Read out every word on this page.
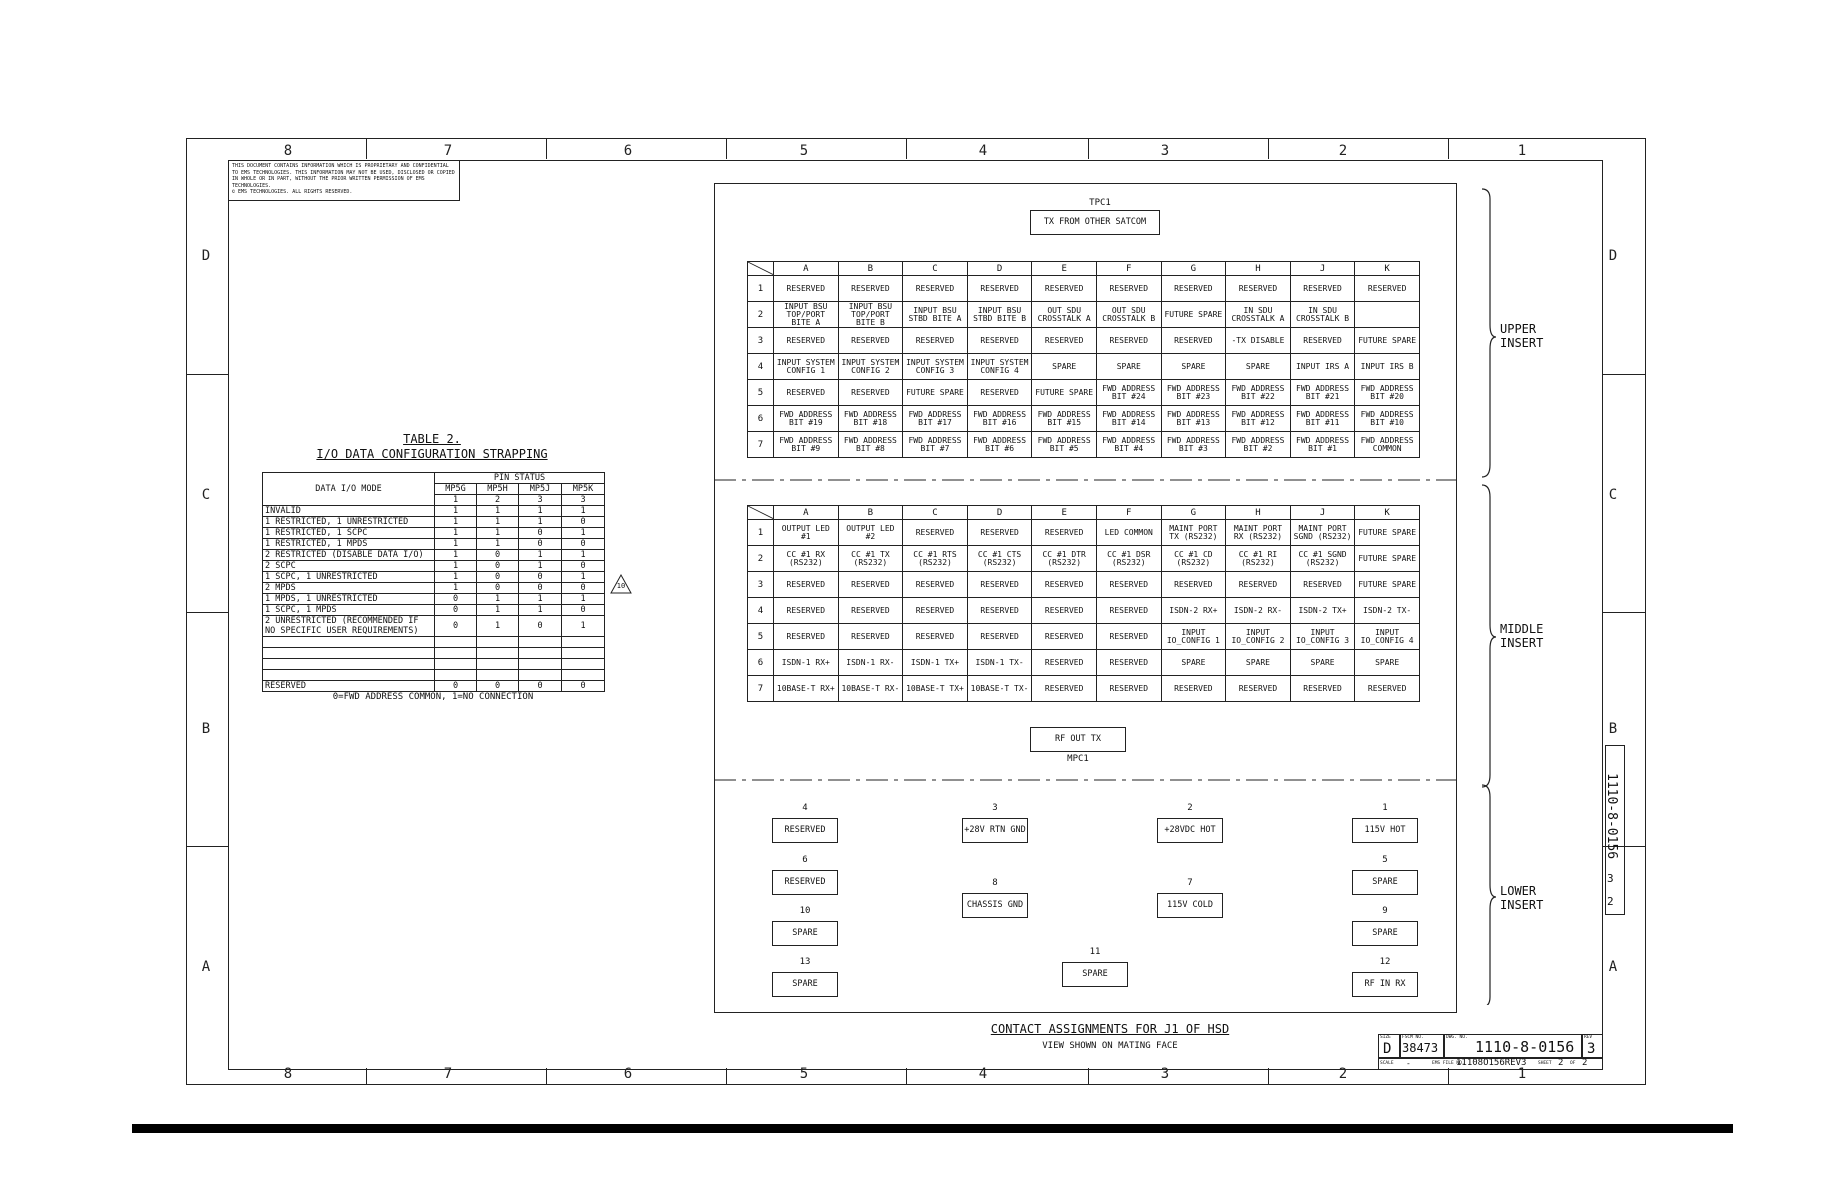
8	7	6	5	4	3	2	1
8	7	6	5	4	3	2	1
D
C
B
A
D
C
B
A
THIS DOCUMENT CONTAINS INFORMATION WHICH IS PROPRIETARY AND CONFIDENTIAL TO EMS TECHNOLOGIES. THIS INFORMATION MAY NOT BE USED, DISCLOSED OR COPIED IN WHOLE OR IN PART, WITHOUT THE PRIOR WRITTEN PERMISSION OF EMS TECHNOLOGIES.
© EMS TECHNOLOGIES. ALL RIGHTS RESERVED.
TABLE 2.
I/O DATA CONFIGURATION STRAPPING
DATA I/O MODE	PIN STATUS			
	MP5G	MP5H	MP5J	MP5K
	1	2	3	3
INVALID	1	1	1	1
1 RESTRICTED, 1 UNRESTRICTED	1	1	1	0
1 RESTRICTED, 1 SCPC	1	1	0	1
1 RESTRICTED, 1 MPDS	1	1	0	0
2 RESTRICTED (DISABLE DATA I/O)	1	0	1	1
2 SCPC	1	0	1	0
1 SCPC, 1 UNRESTRICTED	1	0	0	1
2 MPDS	1	0	0	0
1 MPDS, 1 UNRESTRICTED	0	1	1	1
1 SCPC, 1 MPDS	0	1	1	0
2 UNRESTRICTED (RECOMMENDED IF NO SPECIFIC USER REQUIREMENTS)	0	1	0	1

RESERVED	0	0	0	0
0=FWD ADDRESS COMMON, 1=NO CONNECTION
10
TPC1
TX FROM OTHER SATCOM
	A	B	C	D	E	F	G	H	J	K
1	RESERVED	RESERVED	RESERVED	RESERVED	RESERVED	RESERVED	RESERVED	RESERVED	RESERVED	RESERVED
2	INPUT BSU TOP/PORT BITE A	INPUT BSU TOP/PORT BITE B	INPUT BSU STBD BITE A	INPUT BSU STBD BITE B	OUT SDU CROSSTALK A	OUT SDU CROSSTALK B	FUTURE SPARE	IN SDU CROSSTALK A	IN SDU CROSSTALK B	
3	RESERVED	RESERVED	RESERVED	RESERVED	RESERVED	RESERVED	RESERVED	-TX DISABLE	RESERVED	FUTURE SPARE
4	INPUT SYSTEM CONFIG 1	INPUT SYSTEM CONFIG 2	INPUT SYSTEM CONFIG 3	INPUT SYSTEM CONFIG 4	SPARE	SPARE	SPARE	SPARE	INPUT IRS A	INPUT IRS B
5	RESERVED	RESERVED	FUTURE SPARE	RESERVED	FUTURE SPARE	FWD ADDRESS BIT #24	FWD ADDRESS BIT #23	FWD ADDRESS BIT #22	FWD ADDRESS BIT #21	FWD ADDRESS BIT #20
6	FWD ADDRESS BIT #19	FWD ADDRESS BIT #18	FWD ADDRESS BIT #17	FWD ADDRESS BIT #16	FWD ADDRESS BIT #15	FWD ADDRESS BIT #14	FWD ADDRESS BIT #13	FWD ADDRESS BIT #12	FWD ADDRESS BIT #11	FWD ADDRESS BIT #10
7	FWD ADDRESS BIT #9	FWD ADDRESS BIT #8	FWD ADDRESS BIT #7	FWD ADDRESS BIT #6	FWD ADDRESS BIT #5	FWD ADDRESS BIT #4	FWD ADDRESS BIT #3	FWD ADDRESS BIT #2	FWD ADDRESS BIT #1	FWD ADDRESS COMMON
	A	B	C	D	E	F	G	H	J	K
1	OUTPUT LED #1	OUTPUT LED #2	RESERVED	RESERVED	RESERVED	LED COMMON	MAINT PORT TX (RS232)	MAINT PORT RX (RS232)	MAINT PORT SGND (RS232)	FUTURE SPARE
2	CC #1 RX (RS232)	CC #1 TX (RS232)	CC #1 RTS (RS232)	CC #1 CTS (RS232)	CC #1 DTR (RS232)	CC #1 DSR (RS232)	CC #1 CD (RS232)	CC #1 RI (RS232)	CC #1 SGND (RS232)	FUTURE SPARE
3	RESERVED	RESERVED	RESERVED	RESERVED	RESERVED	RESERVED	RESERVED	RESERVED	RESERVED	FUTURE SPARE
4	RESERVED	RESERVED	RESERVED	RESERVED	RESERVED	RESERVED	ISDN-2 RX+	ISDN-2 RX-	ISDN-2 TX+	ISDN-2 TX-
5	RESERVED	RESERVED	RESERVED	RESERVED	RESERVED	RESERVED	INPUT IO_CONFIG 1	INPUT IO_CONFIG 2	INPUT IO_CONFIG 3	INPUT IO_CONFIG 4
6	ISDN-1 RX+	ISDN-1 RX-	ISDN-1 TX+	ISDN-1 TX-	RESERVED	RESERVED	SPARE	SPARE	SPARE	SPARE
7	10BASE-T RX+	10BASE-T RX-	10BASE-T TX+	10BASE-T TX-	RESERVED	RESERVED	RESERVED	RESERVED	RESERVED	RESERVED
RF OUT TX
MPC1
4
RESERVED
3
+28V RTN GND
2
+28VDC HOT
1
115V HOT
6
RESERVED	8
CHASSIS GND
7
115V COLD
5
SPARE
10
SPARE
9
SPARE
11
SPARE
13
SPARE
12
RF IN RX
UPPER INSERT
MIDDLE INSERT
LOWER INSERT
CONTACT ASSIGNMENTS FOR J1 OF HSD
VIEW SHOWN ON MATING FACE
SIZE
D
FSCM NO.
38473
DWG. NO.
1110-8-0156
REV
3
SCALE -	EMS FILE NO.
11108O156REV3	SHEET 2 OF 2
1110-8-0156
3
2
